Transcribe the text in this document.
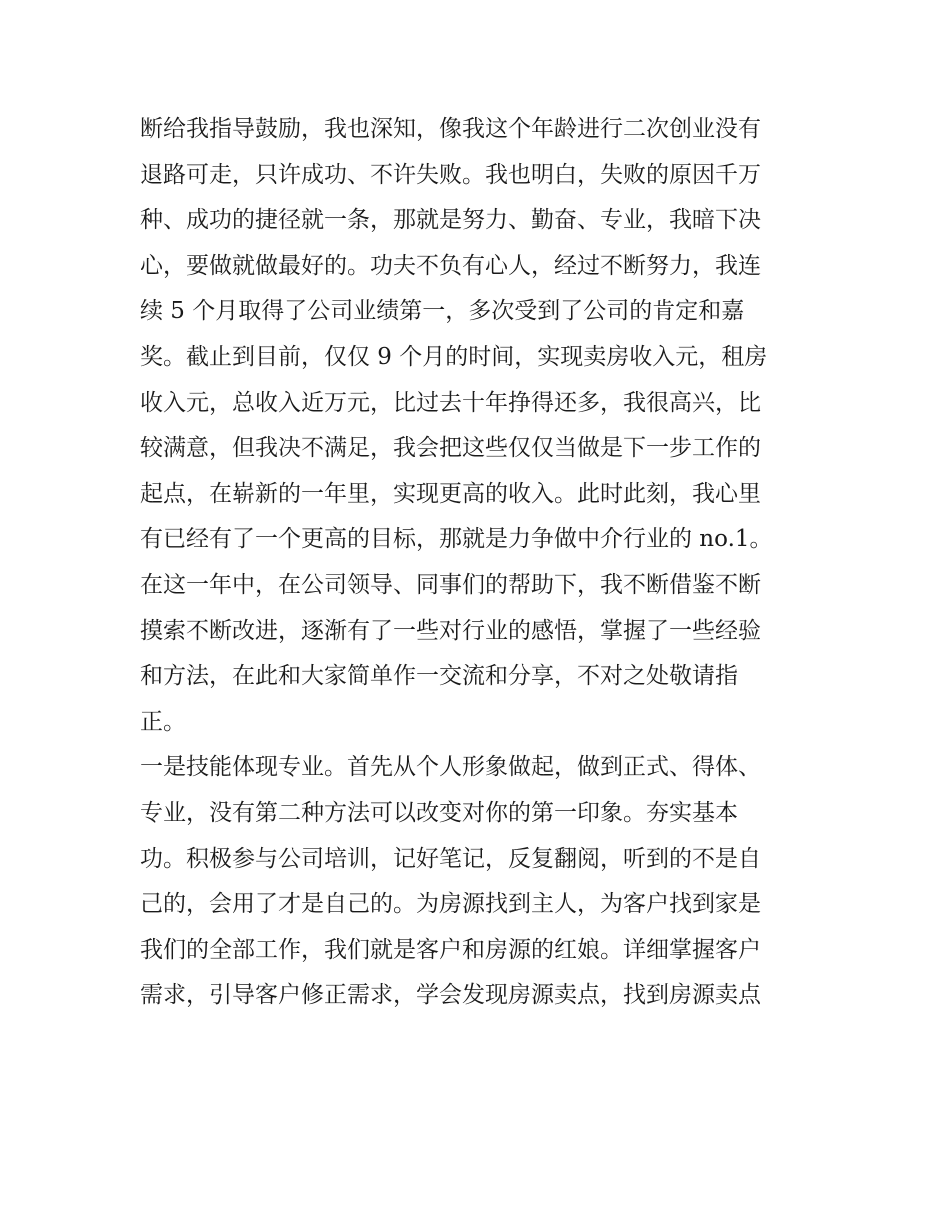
断给我指导鼓励，我也深知，像我这个年龄进行二次创业没有
退路可走，只许成功、不许失败。我也明白，失败的原因千万
种、成功的捷径就一条，那就是努力、勤奋、专业，我暗下决
心，要做就做最好的。功夫不负有心人，经过不断努力，我连
续 5 个月取得了公司业绩第一，多次受到了公司的肯定和嘉
奖。截止到目前，仅仅 9 个月的时间，实现卖房收入元，租房
收入元，总收入近万元，比过去十年挣得还多，我很高兴，比
较满意，但我决不满足，我会把这些仅仅当做是下一步工作的
起点，在崭新的一年里，实现更高的收入。此时此刻，我心里
有已经有了一个更高的目标，那就是力争做中介行业的 no.1。
在这一年中，在公司领导、同事们的帮助下，我不断借鉴不断
摸索不断改进，逐渐有了一些对行业的感悟，掌握了一些经验
和方法，在此和大家简单作一交流和分享，不对之处敬请指
正。
一是技能体现专业。首先从个人形象做起，做到正式、得体、
专业，没有第二种方法可以改变对你的第一印象。夯实基本
功。积极参与公司培训，记好笔记，反复翻阅，听到的不是自
己的，会用了才是自己的。为房源找到主人，为客户找到家是
我们的全部工作，我们就是客户和房源的红娘。详细掌握客户
需求，引导客户修正需求，学会发现房源卖点，找到房源卖点
